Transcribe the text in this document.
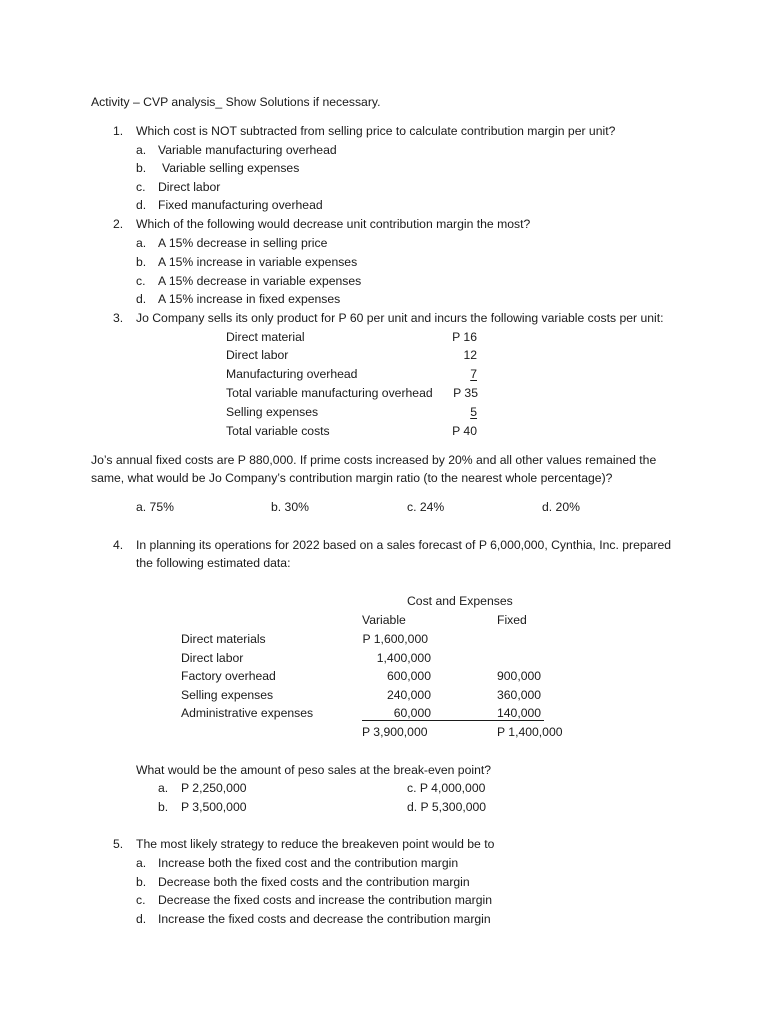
Activity – CVP analysis_ Show Solutions if necessary.
1. Which cost is NOT subtracted from selling price to calculate contribution margin per unit?
a. Variable manufacturing overhead
b. Variable selling expenses
c. Direct labor
d. Fixed manufacturing overhead
2. Which of the following would decrease unit contribution margin the most?
a. A 15% decrease in selling price
b. A 15% increase in variable expenses
c. A 15% decrease in variable expenses
d. A 15% increase in fixed expenses
3. Jo Company sells its only product for P 60 per unit and incurs the following variable costs per unit:
Direct material	P 16
Direct labor	12
Manufacturing overhead	7
Total variable manufacturing overhead	P 35
Selling expenses	5
Total variable costs	P 40
Jo’s annual fixed costs are P 880,000. If prime costs increased by 20% and all other values remained the
same, what would be Jo Company’s contribution margin ratio (to the nearest whole percentage)?
a. 75%	b. 30%	c. 24%	d. 20%
4. In planning its operations for 2022 based on a sales forecast of P 6,000,000, Cynthia, Inc. prepared
the following estimated data:
Cost and Expenses
Variable	Fixed
Direct materials	P 1,600,000
Direct labor	1,400,000
Factory overhead	600,000	900,000
Selling expenses	240,000	360,000
Administrative expenses	60,000	140,000
P 3,900,000	P 1,400,000
What would be the amount of peso sales at the break-even point?
a. P 2,250,000
b. P 3,500,000
c. P 4,000,000
d. P 5,300,000
5. The most likely strategy to reduce the breakeven point would be to
a. Increase both the fixed cost and the contribution margin
b. Decrease both the fixed costs and the contribution margin
c. Decrease the fixed costs and increase the contribution margin
d. Increase the fixed costs and decrease the contribution margin
